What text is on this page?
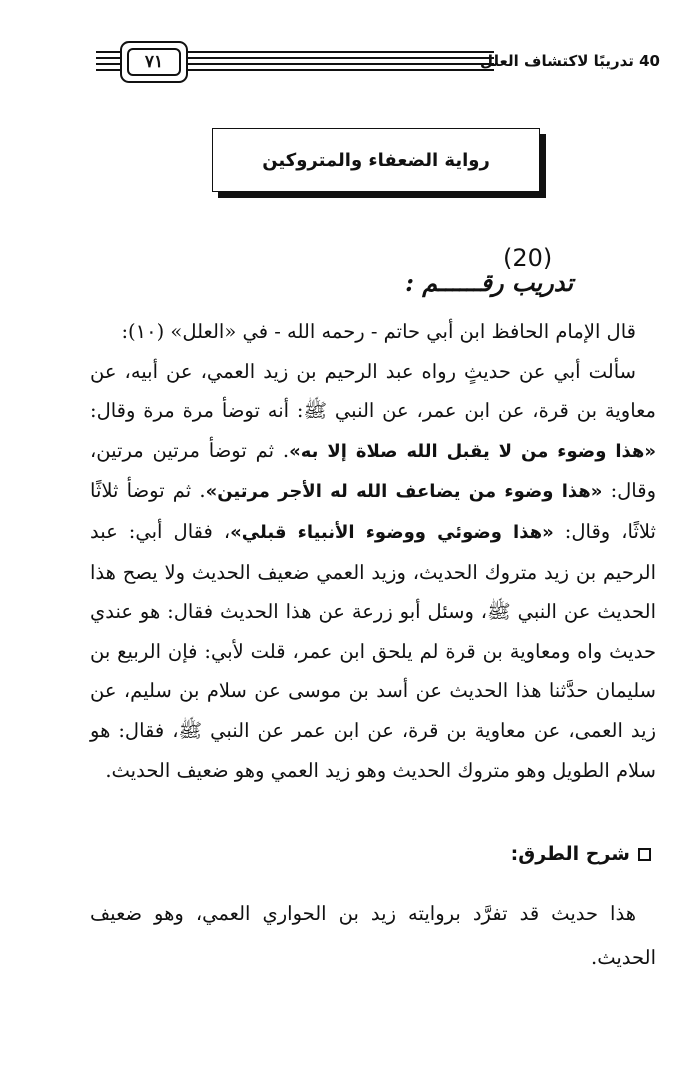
٧١	40 تدريبًا لاكتشاف العلل
رواية الضعفاء والمتروكين
(20)
تدريب رقــــــم :

قال الإمام الحافظ ابن أبي حاتم - رحمه الله - في «العلل» (١٠):

سألت أبي عن حديثٍ رواه عبد الرحيم بن زيد العمي، عن أبيه، عن معاوية بن قرة، عن ابن عمر، عن النبي ﷺ: أنه توضأ مرة مرة وقال: «هذا وضوء من لا يقبل الله صلاة إلا به». ثم توضأ مرتين مرتين، وقال: «هذا وضوء من يضاعف الله له الأجر مرتين». ثم توضأ ثلاثًا ثلاثًا، وقال: «هذا وضوئي ووضوء الأنبياء قبلي»، فقال أبي: عبد الرحيم بن زيد متروك الحديث، وزيد العمي ضعيف الحديث ولا يصح هذا الحديث عن النبي ﷺ، وسئل أبو زرعة عن هذا الحديث فقال: هو عندي حديث واه ومعاوية بن قرة لم يلحق ابن عمر، قلت لأبي: فإن الربيع بن سليمان حدَّثنا هذا الحديث عن أسد بن موسى عن سلام بن سليم، عن زيد العمى، عن معاوية بن قرة، عن ابن عمر عن النبي ﷺ، فقال: هو سلام الطويل وهو متروك الحديث وهو زيد العمي وهو ضعيف الحديث.

شرح الطرق:

هذا حديث قد تفرَّد بروايته زيد بن الحواري العمي، وهو ضعيف الحديث.
